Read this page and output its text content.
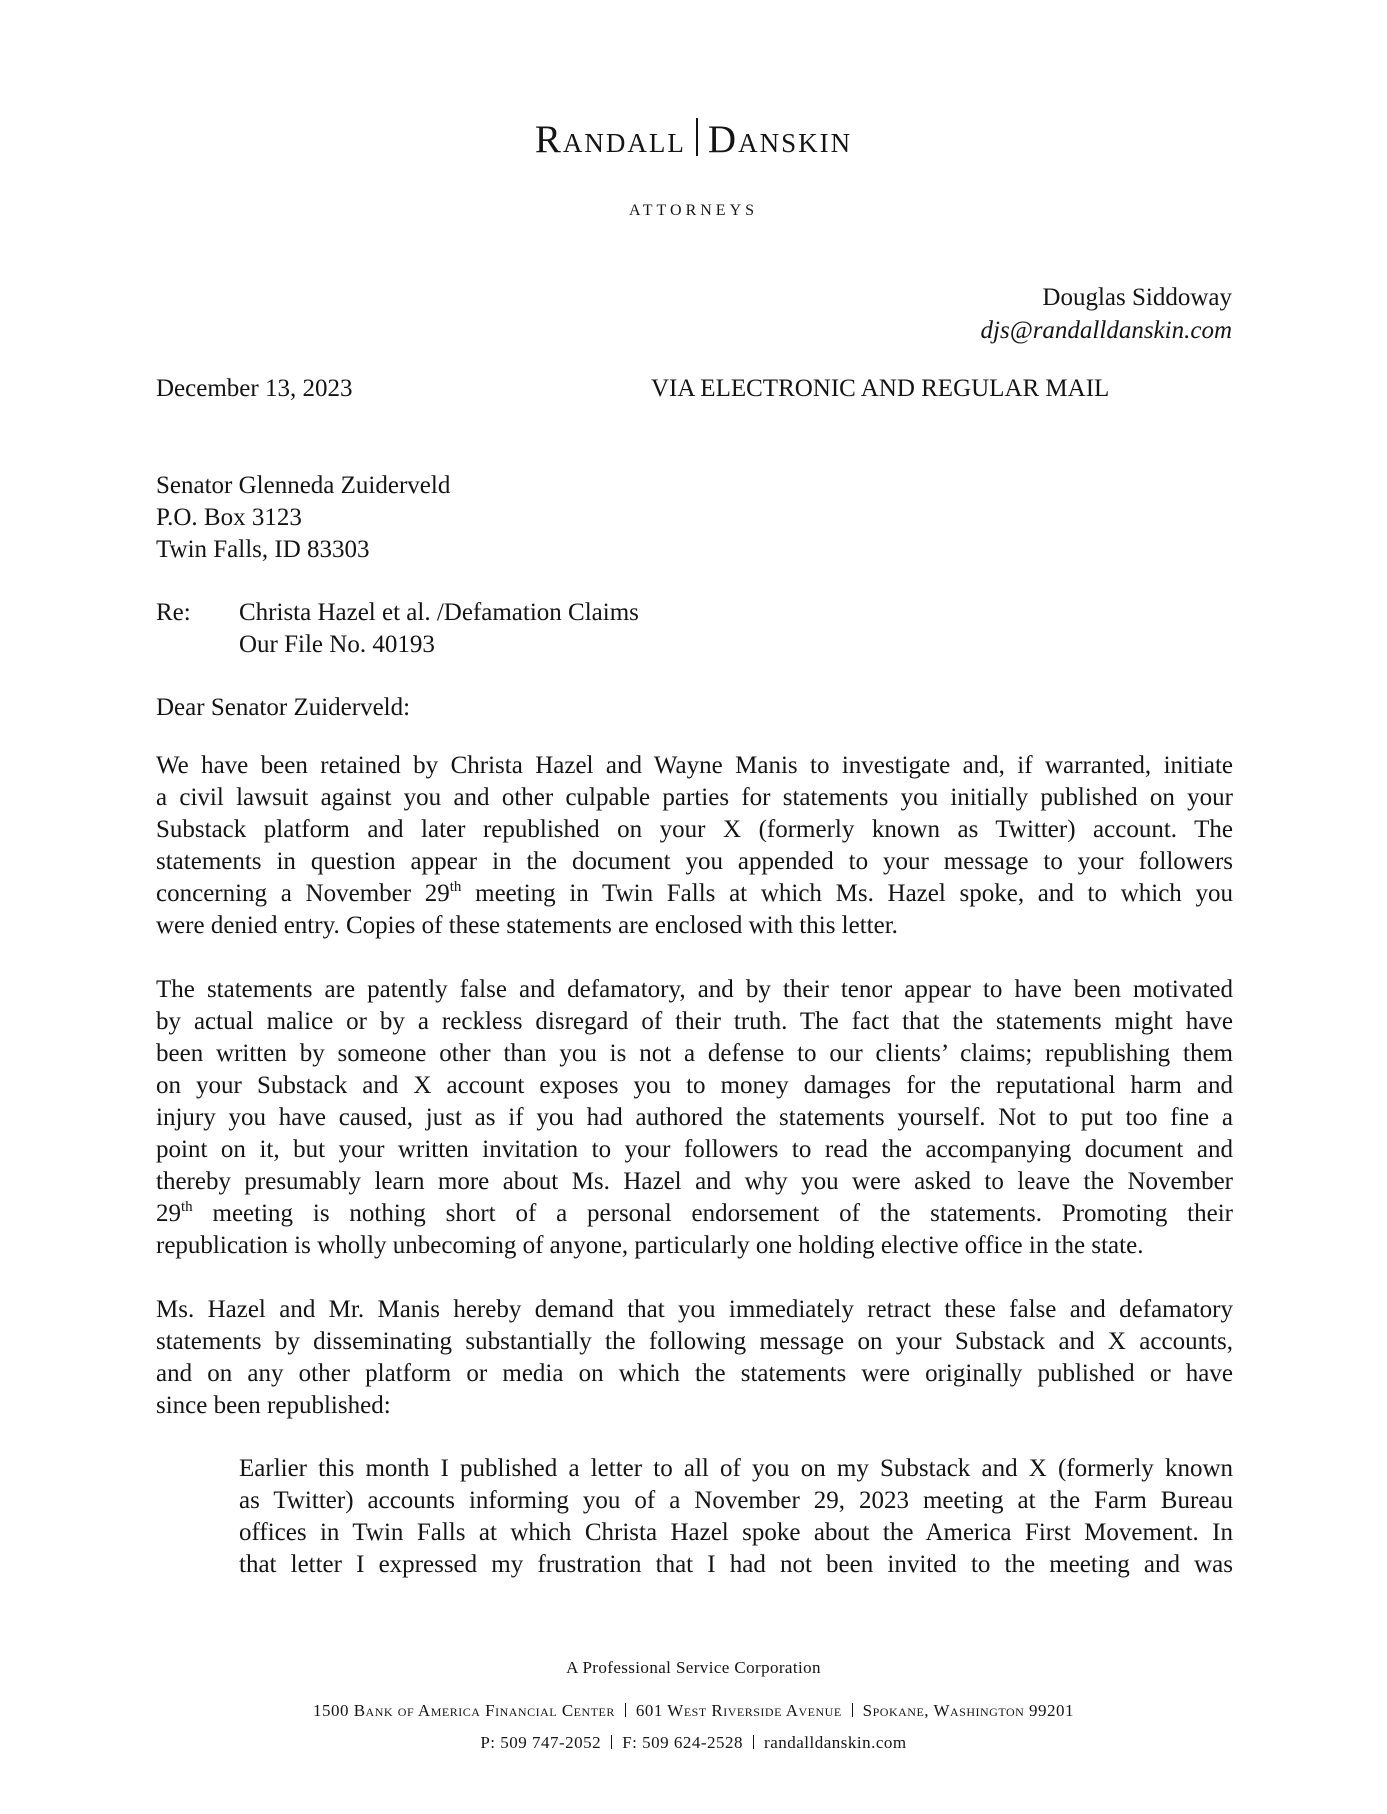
Randall Danskin
ATTORNEYS
Douglas Siddoway
djs@randalldanskin.com
December 13, 2023	VIA ELECTRONIC AND REGULAR MAIL
Senator Glenneda Zuiderveld
P.O. Box 3123
Twin Falls, ID 83303
Re: Christa Hazel et al. /Defamation Claims
Our File No. 40193
Dear Senator Zuiderveld:
We have been retained by Christa Hazel and Wayne Manis to investigate and, if warranted, initiate
a civil lawsuit against you and other culpable parties for statements you initially published on your
Substack platform and later republished on your X (formerly known as Twitter) account. The
statements in question appear in the document you appended to your message to your followers
concerning a November 29th meeting in Twin Falls at which Ms. Hazel spoke, and to which you
were denied entry. Copies of these statements are enclosed with this letter.
The statements are patently false and defamatory, and by their tenor appear to have been motivated
by actual malice or by a reckless disregard of their truth. The fact that the statements might have
been written by someone other than you is not a defense to our clients’ claims; republishing them
on your Substack and X account exposes you to money damages for the reputational harm and
injury you have caused, just as if you had authored the statements yourself. Not to put too fine a
point on it, but your written invitation to your followers to read the accompanying document and
thereby presumably learn more about Ms. Hazel and why you were asked to leave the November
29th meeting is nothing short of a personal endorsement of the statements. Promoting their
republication is wholly unbecoming of anyone, particularly one holding elective office in the state.
Ms. Hazel and Mr. Manis hereby demand that you immediately retract these false and defamatory
statements by disseminating substantially the following message on your Substack and X accounts,
and on any other platform or media on which the statements were originally published or have
since been republished:
Earlier this month I published a letter to all of you on my Substack and X (formerly known
as Twitter) accounts informing you of a November 29, 2023 meeting at the Farm Bureau
offices in Twin Falls at which Christa Hazel spoke about the America First Movement. In
that letter I expressed my frustration that I had not been invited to the meeting and was
A Professional Service Corporation
1500 Bank of America Financial Center 601 West Riverside Avenue Spokane, Washington 99201
P: 509 747-2052 F: 509 624-2528 randalldanskin.com
